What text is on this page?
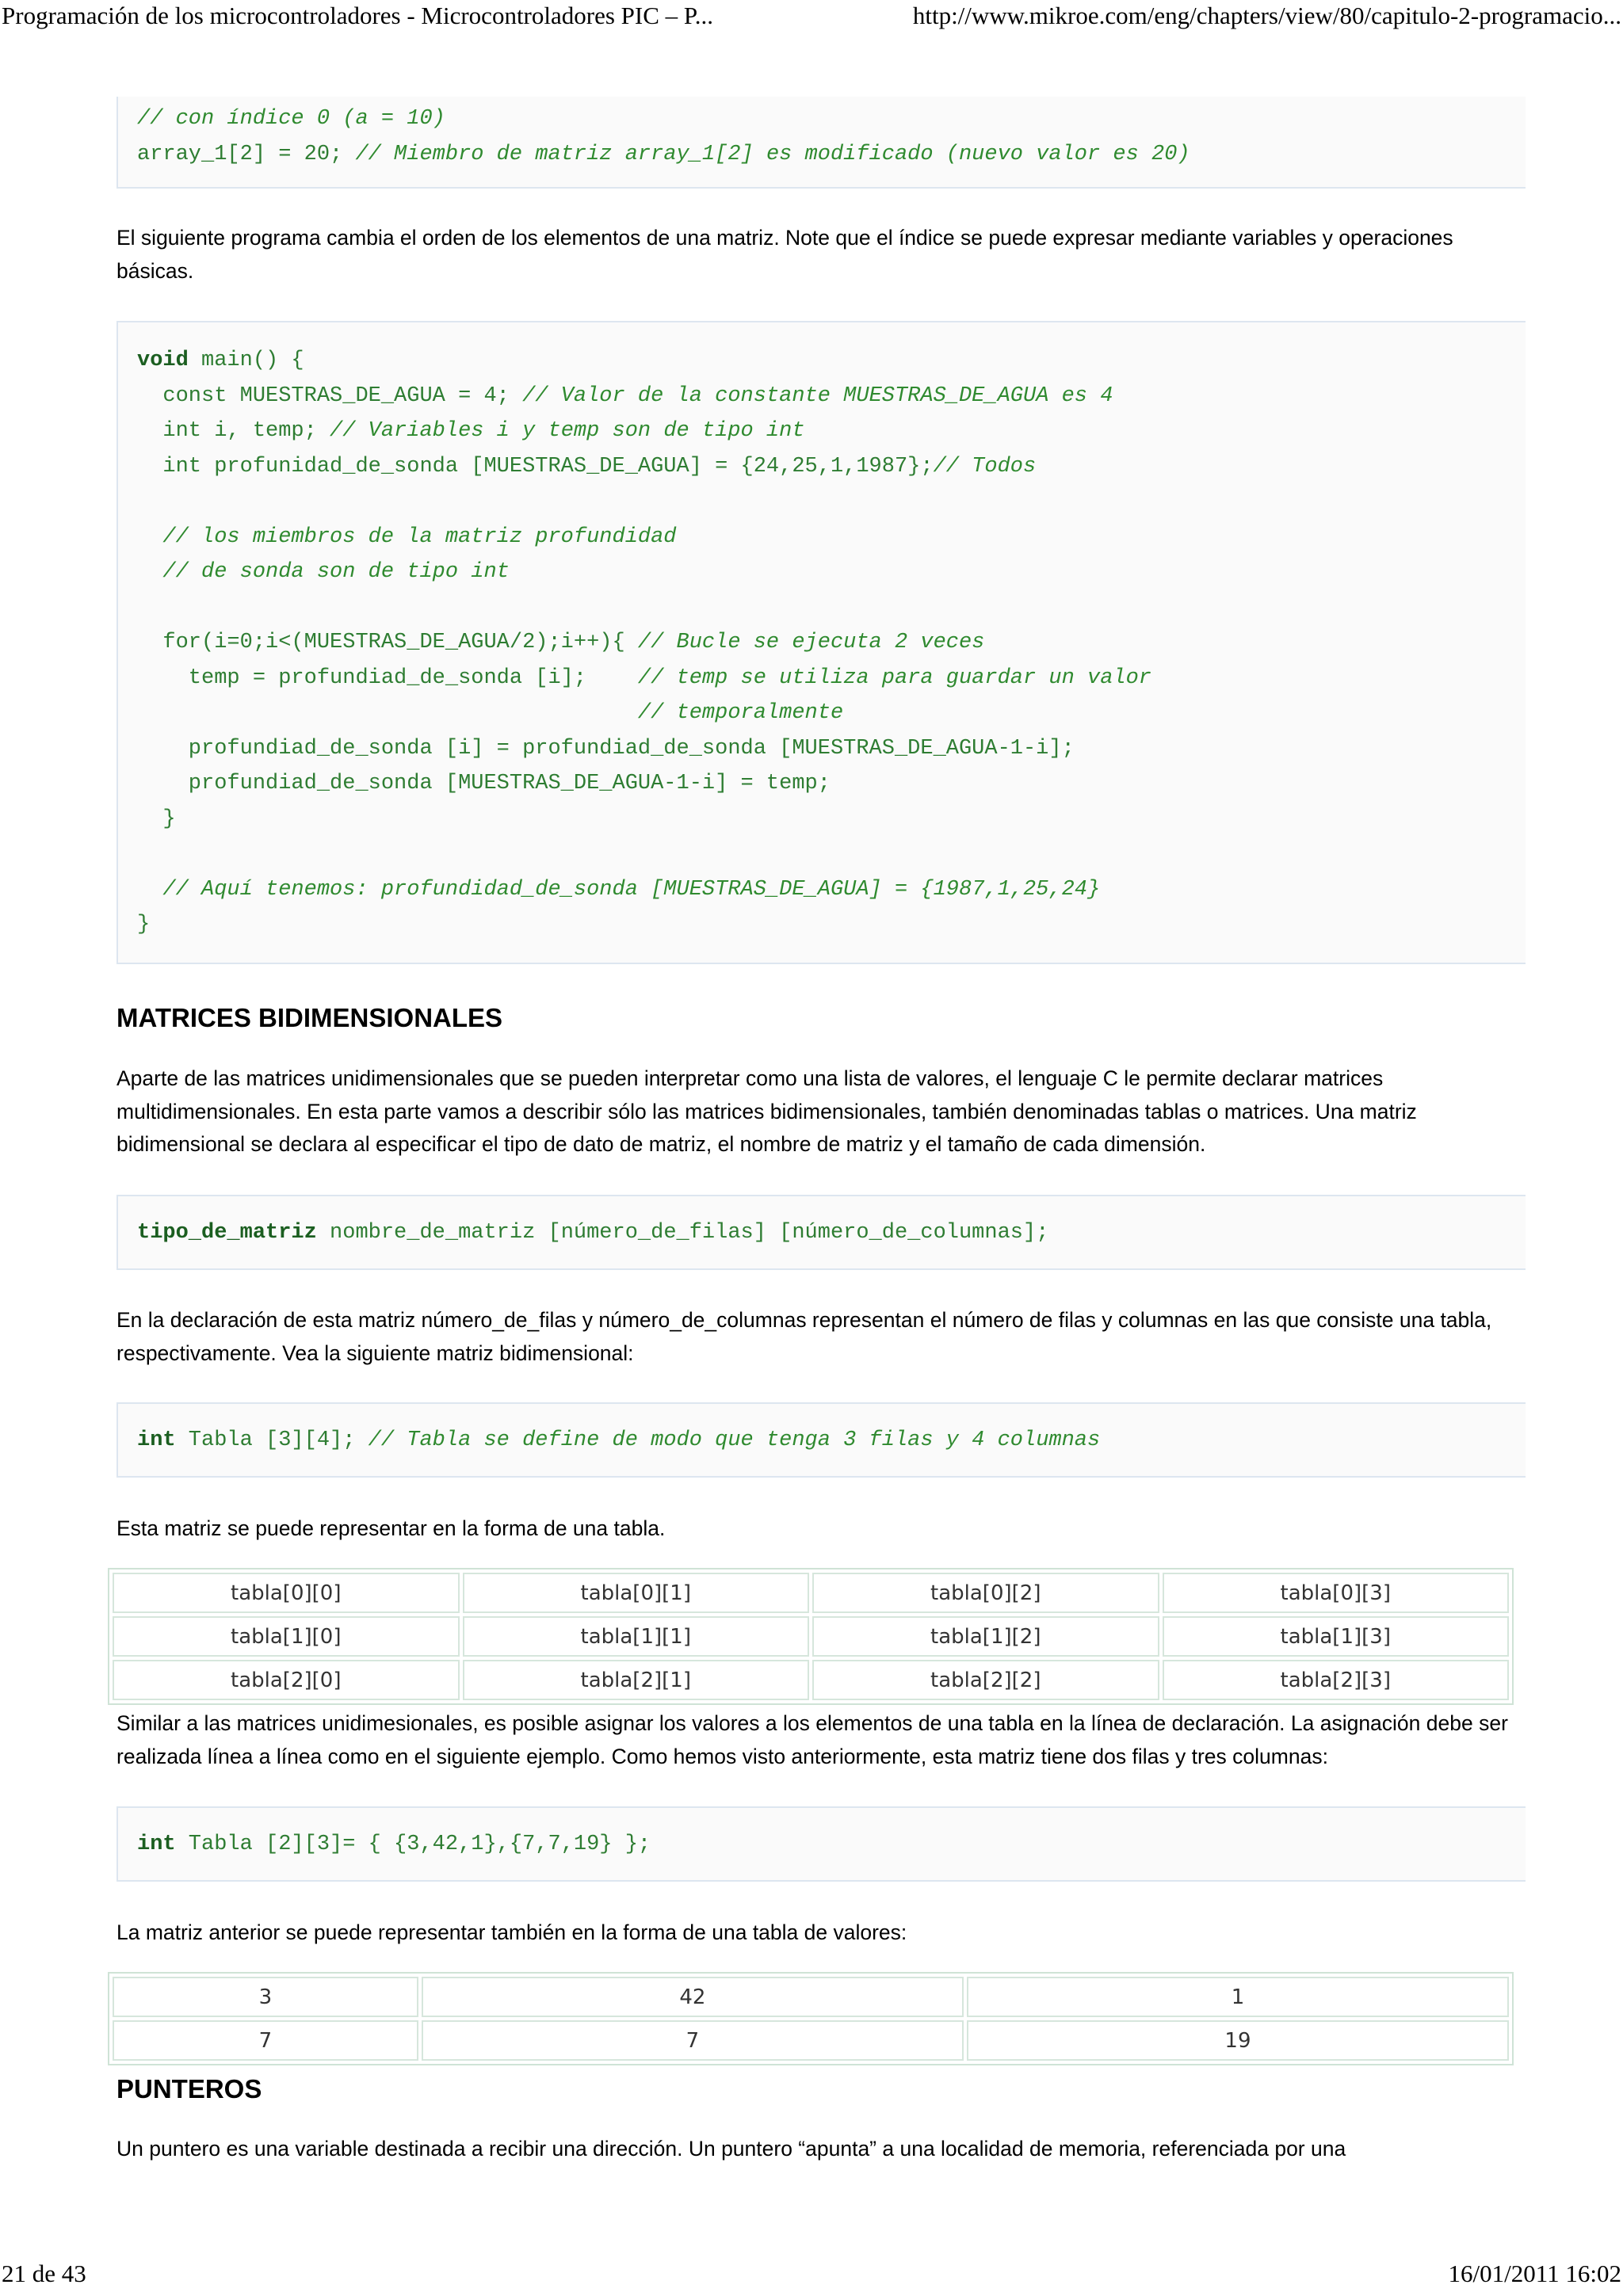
Programación de los microcontroladores - Microcontroladores PIC – P...	http://www.mikroe.com/eng/chapters/view/80/capitulo-2-programacio...
// con índice 0 (a = 10)
array_1[2] = 20; // Miembro de matriz array_1[2] es modificado (nuevo valor es 20)

El siguiente programa cambia el orden de los elementos de una matriz. Note que el índice se puede expresar mediante variables y operaciones básicas.

void main() {
const MUESTRAS_DE_AGUA = 4; // Valor de la constante MUESTRAS_DE_AGUA es 4
int i, temp; // Variables i y temp son de tipo int
int profunidad_de_sonda [MUESTRAS_DE_AGUA] = {24,25,1,1987};// Todos
// los miembros de la matriz profundidad
// de sonda son de tipo int
for(i=0;i<(MUESTRAS_DE_AGUA/2);i++){ // Bucle se ejecuta 2 veces
temp = profundiad_de_sonda [i];    // temp se utiliza para guardar un valor
// temporalmente
profundiad_de_sonda [i] = profundiad_de_sonda [MUESTRAS_DE_AGUA-1-i];
profundiad_de_sonda [MUESTRAS_DE_AGUA-1-i] = temp;
}
// Aquí tenemos: profundidad_de_sonda [MUESTRAS_DE_AGUA] = {1987,1,25,24}
}
MATRICES BIDIMENSIONALES

Aparte de las matrices unidimensionales que se pueden interpretar como una lista de valores, el lenguaje C le permite declarar matrices multidimensionales. En esta parte vamos a describir sólo las matrices bidimensionales, también denominadas tablas o matrices. Una matriz bidimensional se declara al especificar el tipo de dato de matriz, el nombre de matriz y el tamaño de cada dimensión.

tipo_de_matriz nombre_de_matriz [número_de_filas] [número_de_columnas];

En la declaración de esta matriz número_de_filas y número_de_columnas representan el número de filas y columnas en las que consiste una tabla, respectivamente. Vea la siguiente matriz bidimensional:

int Tabla [3][4]; // Tabla se define de modo que tenga 3 filas y 4 columnas

Esta matriz se puede representar en la forma de una tabla.

tabla[0][0]	tabla[0][1]	tabla[0][2]	tabla[0][3]
tabla[1][0]	tabla[1][1]	tabla[1][2]	tabla[1][3]
tabla[2][0]	tabla[2][1]	tabla[2][2]	tabla[2][3]

Similar a las matrices unidimesionales, es posible asignar los valores a los elementos de una tabla en la línea de declaración. La asignación debe ser realizada línea a línea como en el siguiente ejemplo. Como hemos visto anteriormente, esta matriz tiene dos filas y tres columnas:

int Tabla [2][3]= { {3,42,1},{7,7,19} };

La matriz anterior se puede representar también en la forma de una tabla de valores:

3	42	1
7	7	19
PUNTEROS

Un puntero es una variable destinada a recibir una dirección. Un puntero “apunta” a una localidad de memoria, referenciada por una

21 de 43	16/01/2011 16:02
